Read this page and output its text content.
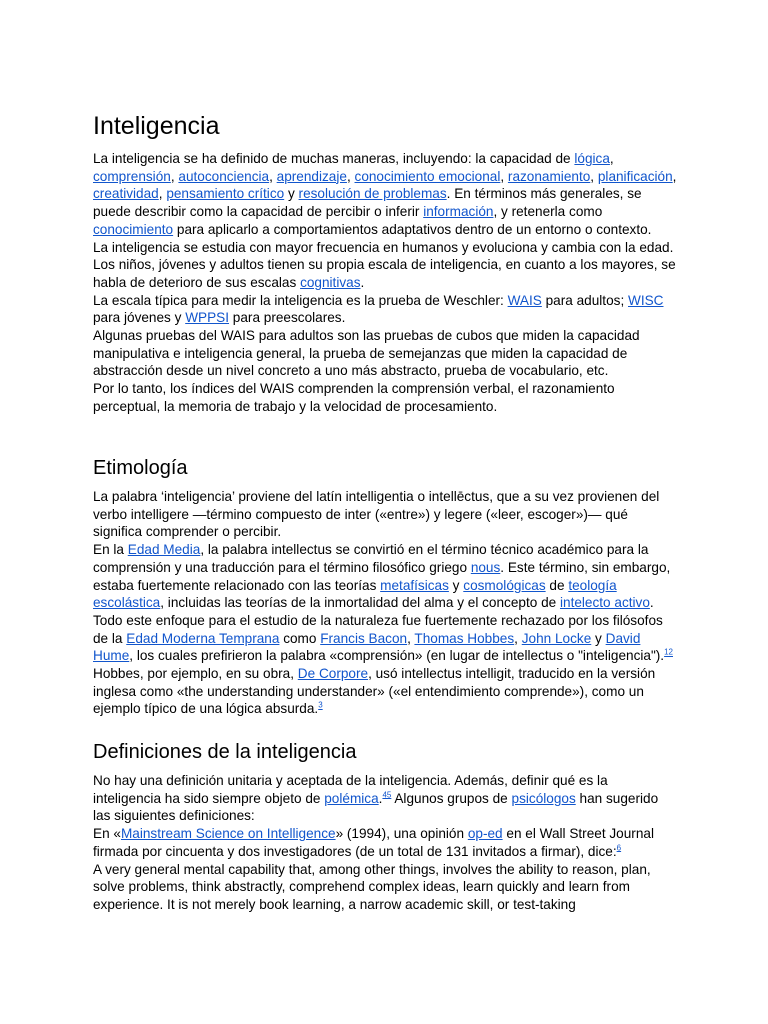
Inteligencia

La inteligencia se ha definido de muchas maneras, incluyendo: la capacidad de lógica, comprensión, autoconciencia, aprendizaje, conocimiento emocional, razonamiento, planificación, creatividad, pensamiento crítico y resolución de problemas. En términos más generales, se puede describir como la capacidad de percibir o inferir información, y retenerla como conocimiento para aplicarlo a comportamientos adaptativos dentro de un entorno o contexto.

La inteligencia se estudia con mayor frecuencia en humanos y evoluciona y cambia con la edad. Los niños, jóvenes y adultos tienen su propia escala de inteligencia, en cuanto a los mayores, se habla de deterioro de sus escalas cognitivas.

La escala típica para medir la inteligencia es la prueba de Weschler: WAIS para adultos; WISC para jóvenes y WPPSI para preescolares.

Algunas pruebas del WAIS para adultos son las pruebas de cubos que miden la capacidad manipulativa e inteligencia general, la prueba de semejanzas que miden la capacidad de abstracción desde un nivel concreto a uno más abstracto, prueba de vocabulario, etc.

Por lo tanto, los índices del WAIS comprenden la comprensión verbal, el razonamiento perceptual, la memoria de trabajo y la velocidad de procesamiento.

Etimología

La palabra ‘inteligencia’ proviene del latín intelligentia o intellēctus, que a su vez provienen del verbo intelligere —término compuesto de inter («entre») y legere («leer, escoger»)— qué significa comprender o percibir.

En la Edad Media, la palabra intellectus se convirtió en el término técnico académico para la comprensión y una traducción para el término filosófico griego nous. Este término, sin embargo, estaba fuertemente relacionado con las teorías metafísicas y cosmológicas de teología escolástica, incluidas las teorías de la inmortalidad del alma y el concepto de intelecto activo. Todo este enfoque para el estudio de la naturaleza fue fuertemente rechazado por los filósofos de la Edad Moderna Temprana como Francis Bacon, Thomas Hobbes, John Locke y David Hume, los cuales prefirieron la palabra «comprensión» (en lugar de intellectus o "inteligencia").$^{12}$ Hobbes, por ejemplo, en su obra, De Corpore, usó intellectus intelligit, traducido en la versión inglesa como «the understanding understander» («el entendimiento comprende»), como un ejemplo típico de una lógica absurda.$^3$

Definiciones de la inteligencia

No hay una definición unitaria y aceptada de la inteligencia. Además, definir qué es la inteligencia ha sido siempre objeto de polémica.$^{45}$ Algunos grupos de psicólogos han sugerido las siguientes definiciones:

En «Mainstream Science on Intelligence» (1994), una opinión op-ed en el Wall Street Journal firmada por cincuenta y dos investigadores (de un total de 131 invitados a firmar), dice:$^6$

A very general mental capability that, among other things, involves the ability to reason, plan, solve problems, think abstractly, comprehend complex ideas, learn quickly and learn from experience. It is not merely book learning, a narrow academic skill, or test-taking
